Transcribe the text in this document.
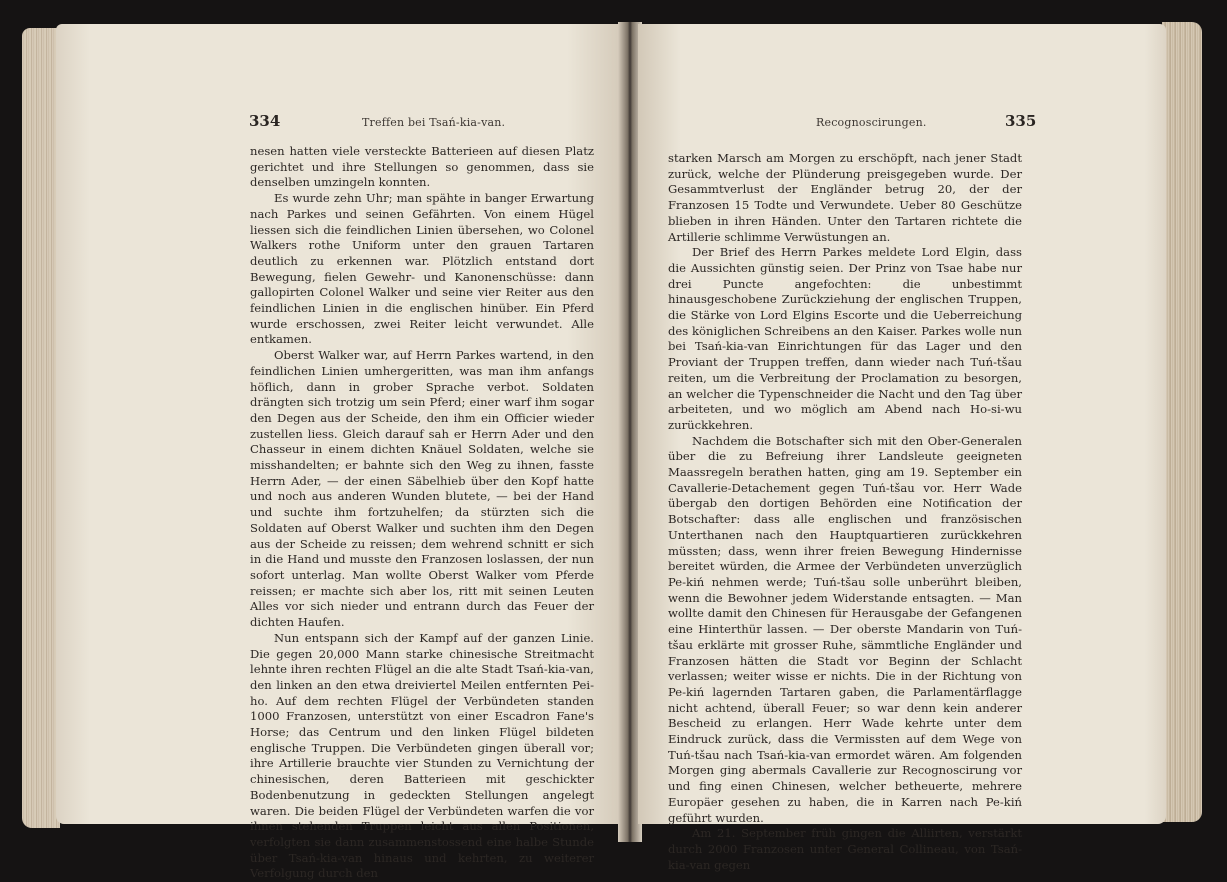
334	Treffen bei Tsań-kia-van.

nesen hatten viele versteckte Batterieen auf diesen Platz gerichtet und ihre Stellungen so genommen, dass sie denselben umzingeln konnten.

Es wurde zehn Uhr; man spähte in banger Erwartung nach Parkes und seinen Gefährten. Von einem Hügel liessen sich die feindlichen Linien übersehen, wo Colonel Walkers rothe Uniform unter den grauen Tartaren deutlich zu erkennen war. Plötzlich entstand dort Bewegung, fielen Gewehr- und Kanonenschüsse: dann gallopirten Colonel Walker und seine vier Reiter aus den feindlichen Linien in die englischen hinüber. Ein Pferd wurde erschossen, zwei Reiter leicht verwundet. Alle entkamen.

Oberst Walker war, auf Herrn Parkes wartend, in den feindlichen Linien umhergeritten, was man ihm anfangs höflich, dann in grober Sprache verbot. Soldaten drängten sich trotzig um sein Pferd; einer warf ihm sogar den Degen aus der Scheide, den ihm ein Officier wieder zustellen liess. Gleich darauf sah er Herrn Ader und den Chasseur in einem dichten Knäuel Soldaten, welche sie misshandelten; er bahnte sich den Weg zu ihnen, fasste Herrn Ader, — der einen Säbelhieb über den Kopf hatte und noch aus anderen Wunden blutete, — bei der Hand und suchte ihm fortzuhelfen; da stürzten sich die Soldaten auf Oberst Walker und suchten ihm den Degen aus der Scheide zu reissen; dem wehrend schnitt er sich in die Hand und musste den Franzosen loslassen, der nun sofort unterlag. Man wollte Oberst Walker vom Pferde reissen; er machte sich aber los, ritt mit seinen Leuten Alles vor sich nieder und entrann durch das Feuer der dichten Haufen.

Nun entspann sich der Kampf auf der ganzen Linie. Die gegen 20,000 Mann starke chinesische Streitmacht lehnte ihren rechten Flügel an die alte Stadt Tsań-kia-van, den linken an den etwa dreiviertel Meilen entfernten Pei-ho. Auf dem rechten Flügel der Verbündeten standen 1000 Franzosen, unterstützt von einer Escadron Fane's Horse; das Centrum und den linken Flügel bildeten englische Truppen. Die Verbündeten gingen überall vor; ihre Artillerie brauchte vier Stunden zu Vernichtung der chinesischen, deren Batterieen mit geschickter Bodenbenutzung in gedeckten Stellungen angelegt waren. Die beiden Flügel der Verbündeten warfen die vor ihnen stehenden Truppen leicht aus allen Positionen, verfolgten sie dann zusammenstossend eine halbe Stunde über Tsań-kia-van hinaus und kehrten, zu weiterer Verfolgung durch den

Recognoscirungen.	335

starken Marsch am Morgen zu erschöpft, nach jener Stadt zurück, welche der Plünderung preisgegeben wurde. Der Gesammtverlust der Engländer betrug 20, der der Franzosen 15 Todte und Verwundete. Ueber 80 Geschütze blieben in ihren Händen. Unter den Tartaren richtete die Artillerie schlimme Verwüstungen an.

Der Brief des Herrn Parkes meldete Lord Elgin, dass die Aussichten günstig seien. Der Prinz von Tsae habe nur drei Puncte angefochten: die unbestimmt hinausgeschobene Zurückziehung der englischen Truppen, die Stärke von Lord Elgins Escorte und die Ueberreichung des königlichen Schreibens an den Kaiser. Parkes wolle nun bei Tsań-kia-van Einrichtungen für das Lager und den Proviant der Truppen treffen, dann wieder nach Tuń-tšau reiten, um die Verbreitung der Proclamation zu besorgen, an welcher die Typenschneider die Nacht und den Tag über arbeiteten, und wo möglich am Abend nach Ho-si-wu zurückkehren.

Nachdem die Botschafter sich mit den Ober-Generalen über die zu Befreiung ihrer Landsleute geeigneten Maassregeln berathen hatten, ging am 19. September ein Cavallerie-Detachement gegen Tuń-tšau vor. Herr Wade übergab den dortigen Behörden eine Notification der Botschafter: dass alle englischen und französischen Unterthanen nach den Hauptquartieren zurückkehren müssten; dass, wenn ihrer freien Bewegung Hindernisse bereitet würden, die Armee der Verbündeten unverzüglich Pe-kiń nehmen werde; Tuń-tšau solle unberührt bleiben, wenn die Bewohner jedem Widerstande entsagten. — Man wollte damit den Chinesen für Herausgabe der Gefangenen eine Hinterthür lassen. — Der oberste Mandarin von Tuń-tšau erklärte mit grosser Ruhe, sämmtliche Engländer und Franzosen hätten die Stadt vor Beginn der Schlacht verlassen; weiter wisse er nichts. Die in der Richtung von Pe-kiń lagernden Tartaren gaben, die Parlamentärflagge nicht achtend, überall Feuer; so war denn kein anderer Bescheid zu erlangen. Herr Wade kehrte unter dem Eindruck zurück, dass die Vermissten auf dem Wege von Tuń-tšau nach Tsań-kia-van ermordet wären. Am folgenden Morgen ging abermals Cavallerie zur Recognoscirung vor und fing einen Chinesen, welcher betheuerte, mehrere Europäer gesehen zu haben, die in Karren nach Pe-kiń geführt wurden.

Am 21. September früh gingen die Alliirten, verstärkt durch 2000 Franzosen unter General Collineau, von Tsań-kia-van gegen
